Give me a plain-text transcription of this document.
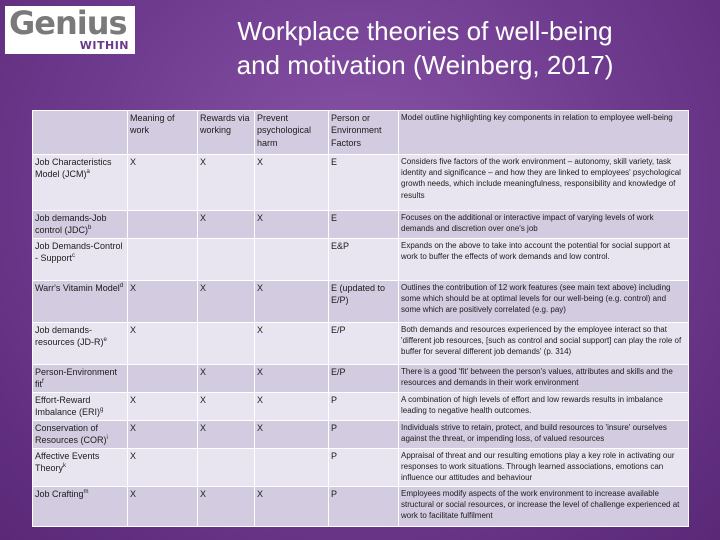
Genius
WITHIN	Workplace theories of well-being
and motivation (Weinberg, 2017)
	Meaning of work	Rewards via working	Prevent psychological harm	Person or Environment Factors	Model outline highlighting key components in relation to employee well-being
Job Characteristics Model (JCM)$^a$	X	X	X	E	Considers five factors of the work environment – autonomy, skill variety, task identity and significance – and how they are linked to employees' psychological growth needs, which include meaningfulness, responsibility and knowledge of results
Job demands-Job control (JDC)$^b$		X	X	E	Focuses on the additional or interactive impact of varying levels of work demands and discretion over one's job
Job Demands-Control - Support$^c$				E&P	Expands on the above to take into account the potential for social support at work to buffer the effects of work demands and low control.
Warr's Vitamin Model$^d$	X	X	X	E (updated to E/P)	Outlines the contribution of 12 work features (see main text above) including some which should be at optimal levels for our well-being (e.g. control) and some which are positively correlated (e.g. pay)
Job demands-resources $(JD-R)^e$	X		X	E/P	Both demands and resources experienced by the employee interact so that 'different job resources, [such as control and social support] can play the role of buffer for several different job demands' (p. 314)
Person-Environment fit$^f$		X	X	E/P	There is a good 'fit' between the person's values, attributes and skills and the resources and demands in their work environment
Effort-Reward Imbalance (ERI)$^g$	X	X	X	P	A combination of high levels of effort and low rewards results in imbalance leading to negative health outcomes.
Conservation of Resources (COR)$^i$	X	X	X	P	Individuals strive to retain, protect, and build resources to 'insure' ourselves against the threat, or impending loss, of valued resources
Affective Events Theory$^k$	X			P	Appraisal of threat and our resulting emotions play a key role in activating our responses to work situations. Through learned associations, emotions can influence our attitudes and behaviour
Job Crafting$^m$	X	X	X	P	Employees modify aspects of the work environment to increase available structural or social resources, or increase the level of challenge experienced at work to facilitate fulfilment
